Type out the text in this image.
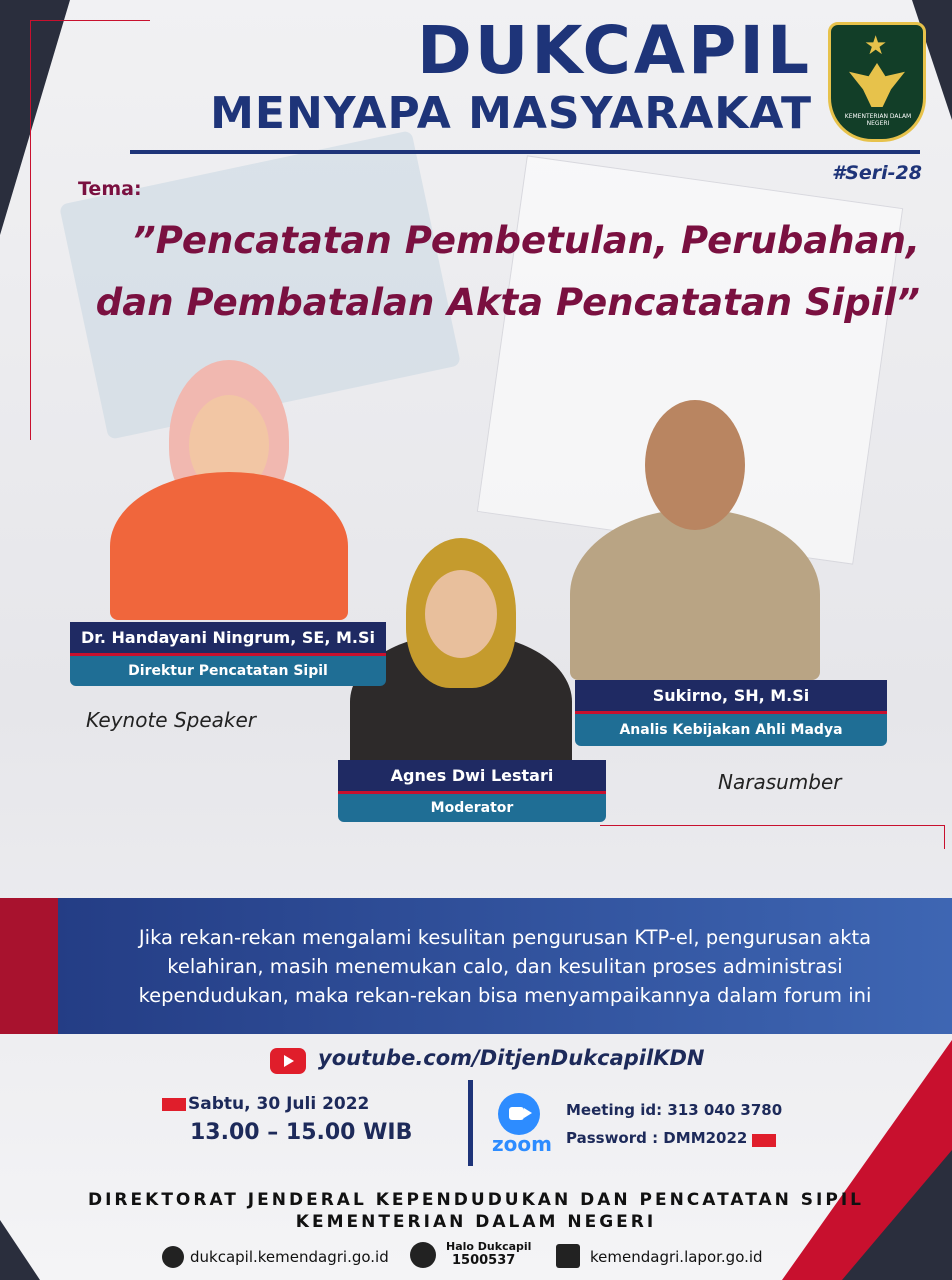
DUKCAPIL
MENYAPA MASYARAKAT
#Seri-28
★
KEMENTERIAN DALAM NEGERI
Tema:
”Pencatatan Pembetulan, Perubahan,
dan Pembatalan Akta Pencatatan Sipil”
Dr. Handayani Ningrum, SE, M.Si
Direktur Pencatatan Sipil
Keynote Speaker
Sukirno, SH, M.Si
Analis Kebijakan Ahli Madya
Narasumber
Agnes Dwi Lestari
Moderator
Jika rekan-rekan mengalami kesulitan pengurusan KTP-el, pengurusan akta kelahiran, masih menemukan calo, dan kesulitan proses administrasi kependudukan, maka rekan-rekan bisa menyampaikannya dalam forum ini
youtube.com/DitjenDukcapilKDN
Sabtu, 30 Juli 2022
13.00 – 15.00 WIB	zoom
Meeting id: 313 040 3780
Password : DMM2022
DIREKTORAT JENDERAL KEPENDUDUKAN DAN PENCATATAN SIPIL
KEMENTERIAN DALAM NEGERI
dukcapil.kemendagri.go.id
Halo Dukcapil
1500537	kemendagri.lapor.go.id
